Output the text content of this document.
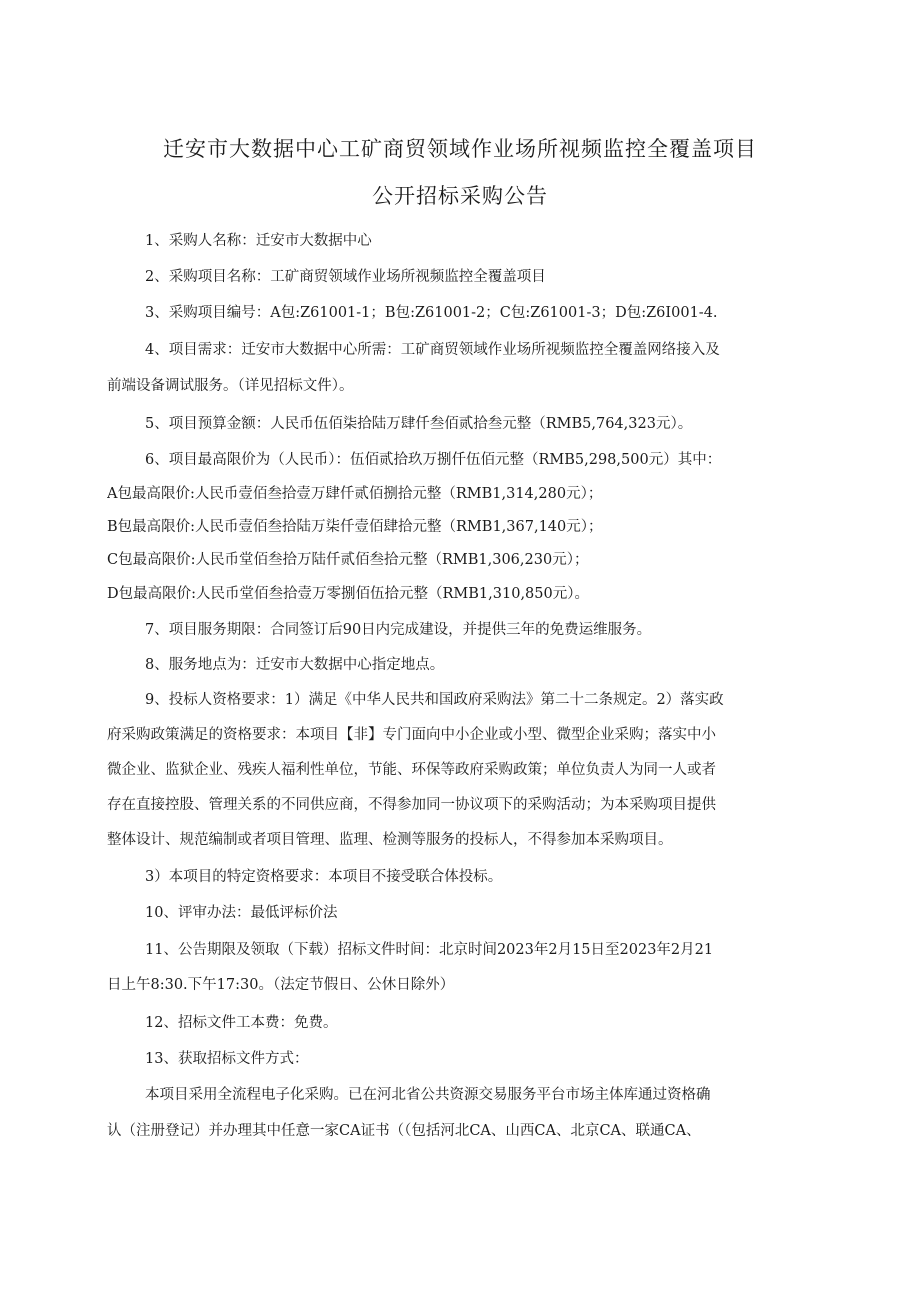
迁安市大数据中心工矿商贸领域作业场所视频监控全覆盖项目
公开招标采购公告
1、采购人名称：迁安市大数据中心
2、采购项目名称：工矿商贸领域作业场所视频监控全覆盖项目
3、采购项目编号：A包:Z61001-1；B包:Z61001-2；C包:Z61001-3；D包:Z6I001-4.
4、项目需求：迁安市大数据中心所需：工矿商贸领域作业场所视频监控全覆盖网络接入及
前端设备调试服务。（详见招标文件）。
5、项目预算金额：人民币伍佰柒拾陆万肆仟叁佰贰拾叁元整（RMB5,764,323元）。
6、项目最高限价为（人民币）：伍佰贰拾玖万捌仟伍佰元整（RMB5,298,500元）其中：
A包最高限价:人民币壹佰叁拾壹万肆仟贰佰捌拾元整（RMB1,314,280元）；
B包最高限价:人民币壹佰叁拾陆万柒仟壹佰肆拾元整（RMB1,367,140元）；
C包最高限价:人民币堂佰叁拾万陆仟贰佰叁拾元整（RMB1,306,230元）；
D包最高限价:人民币堂佰叁拾壹万零捌佰伍拾元整（RMB1,310,850元）。
7、项目服务期限：合同签订后90日内完成建设，并提供三年的免费运维服务。
8、服务地点为：迁安市大数据中心指定地点。
9、投标人资格要求：1）满足《中华人民共和国政府采购法》第二十二条规定。2）落实政
府采购政策满足的资格要求：本项目【非】专门面向中小企业或小型、微型企业采购；落实中小
微企业、监狱企业、残疾人福利性单位，节能、环保等政府采购政策；单位负责人为同一人或者
存在直接控股、管理关系的不同供应商，不得参加同一协议项下的采购活动；为本采购项目提供
整体设计、规范编制或者项目管理、监理、检测等服务的投标人，不得参加本采购项目。
3）本项目的特定资格要求：本项目不接受联合体投标。
10、评审办法：最低评标价法
11、公告期限及领取（下载）招标文件时间：北京时间2023年2月15日至2023年2月21
日上午8:30.下午17:30。（法定节假日、公休日除外）
12、招标文件工本费：免费。
13、获取招标文件方式：
本项目采用全流程电子化采购。已在河北省公共资源交易服务平台市场主体库通过资格确
认（注册登记）并办理其中任意一家CA证书（（包括河北CA、山西CA、北京CA、联通CA、
